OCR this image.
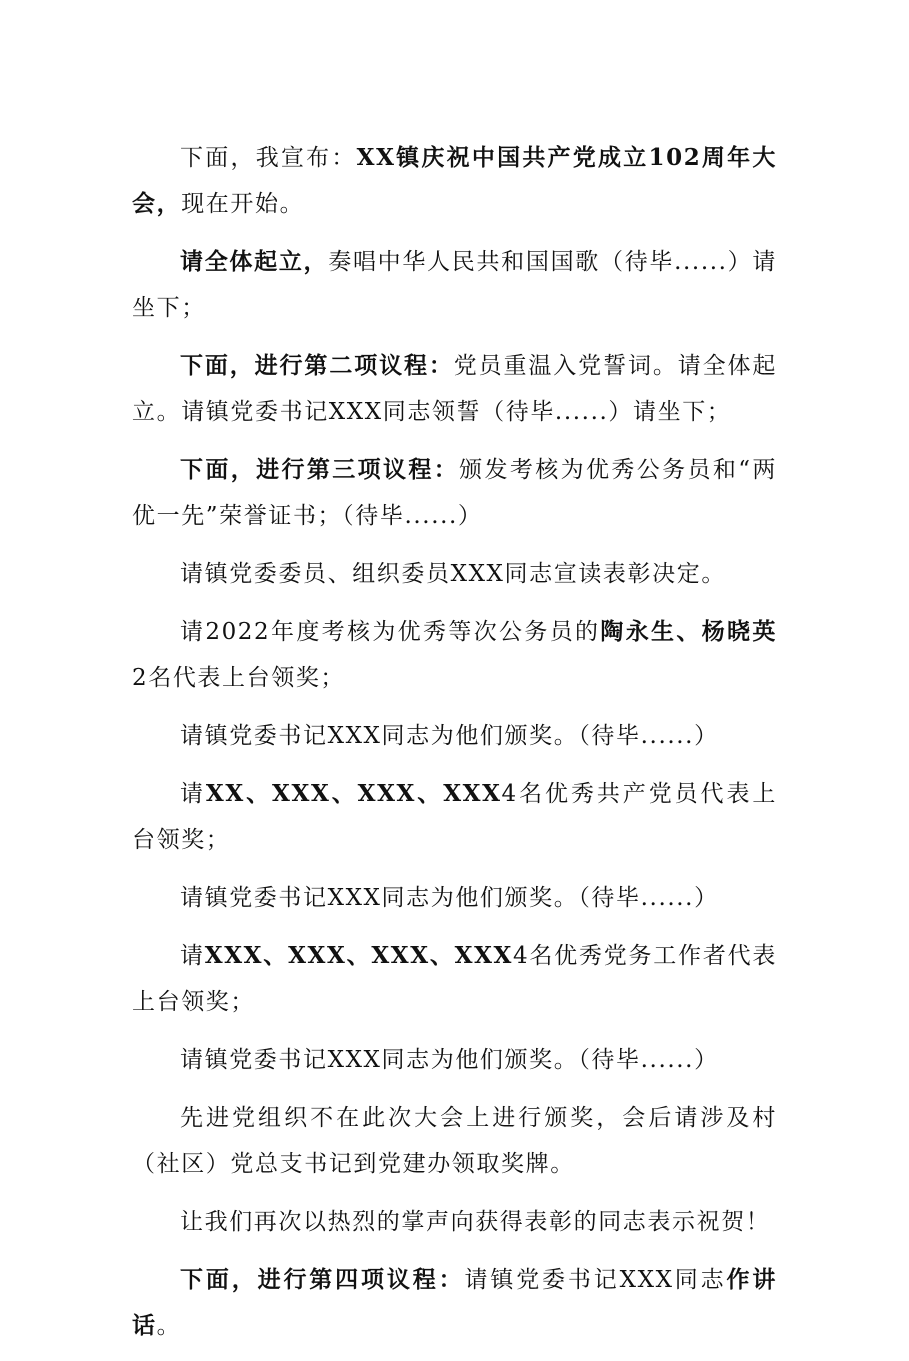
下面，我宣布：XX镇庆祝中国共产党成立102周年大会，现在开始。

请全体起立，奏唱中华人民共和国国歌（待毕......）请坐下；

下面，进行第二项议程：党员重温入党誓词。请全体起立。请镇党委书记XXX同志领誓（待毕......）请坐下；

下面，进行第三项议程：颁发考核为优秀公务员和“两优一先”荣誉证书；（待毕......）

请镇党委委员、组织委员XXX同志宣读表彰决定。

请2022年度考核为优秀等次公务员的陶永生、杨晓英2名代表上台领奖；

请镇党委书记XXX同志为他们颁奖。（待毕......）

请XX、XXX、XXX、XXX4名优秀共产党员代表上台领奖；

请镇党委书记XXX同志为他们颁奖。（待毕......）

请XXX、XXX、XXX、XXX4名优秀党务工作者代表上台领奖；

请镇党委书记XXX同志为他们颁奖。（待毕......）

先进党组织不在此次大会上进行颁奖，会后请涉及村（社区）党总支书记到党建办领取奖牌。

让我们再次以热烈的掌声向获得表彰的同志表示祝贺！

下面，进行第四项议程：请镇党委书记XXX同志作讲话。
